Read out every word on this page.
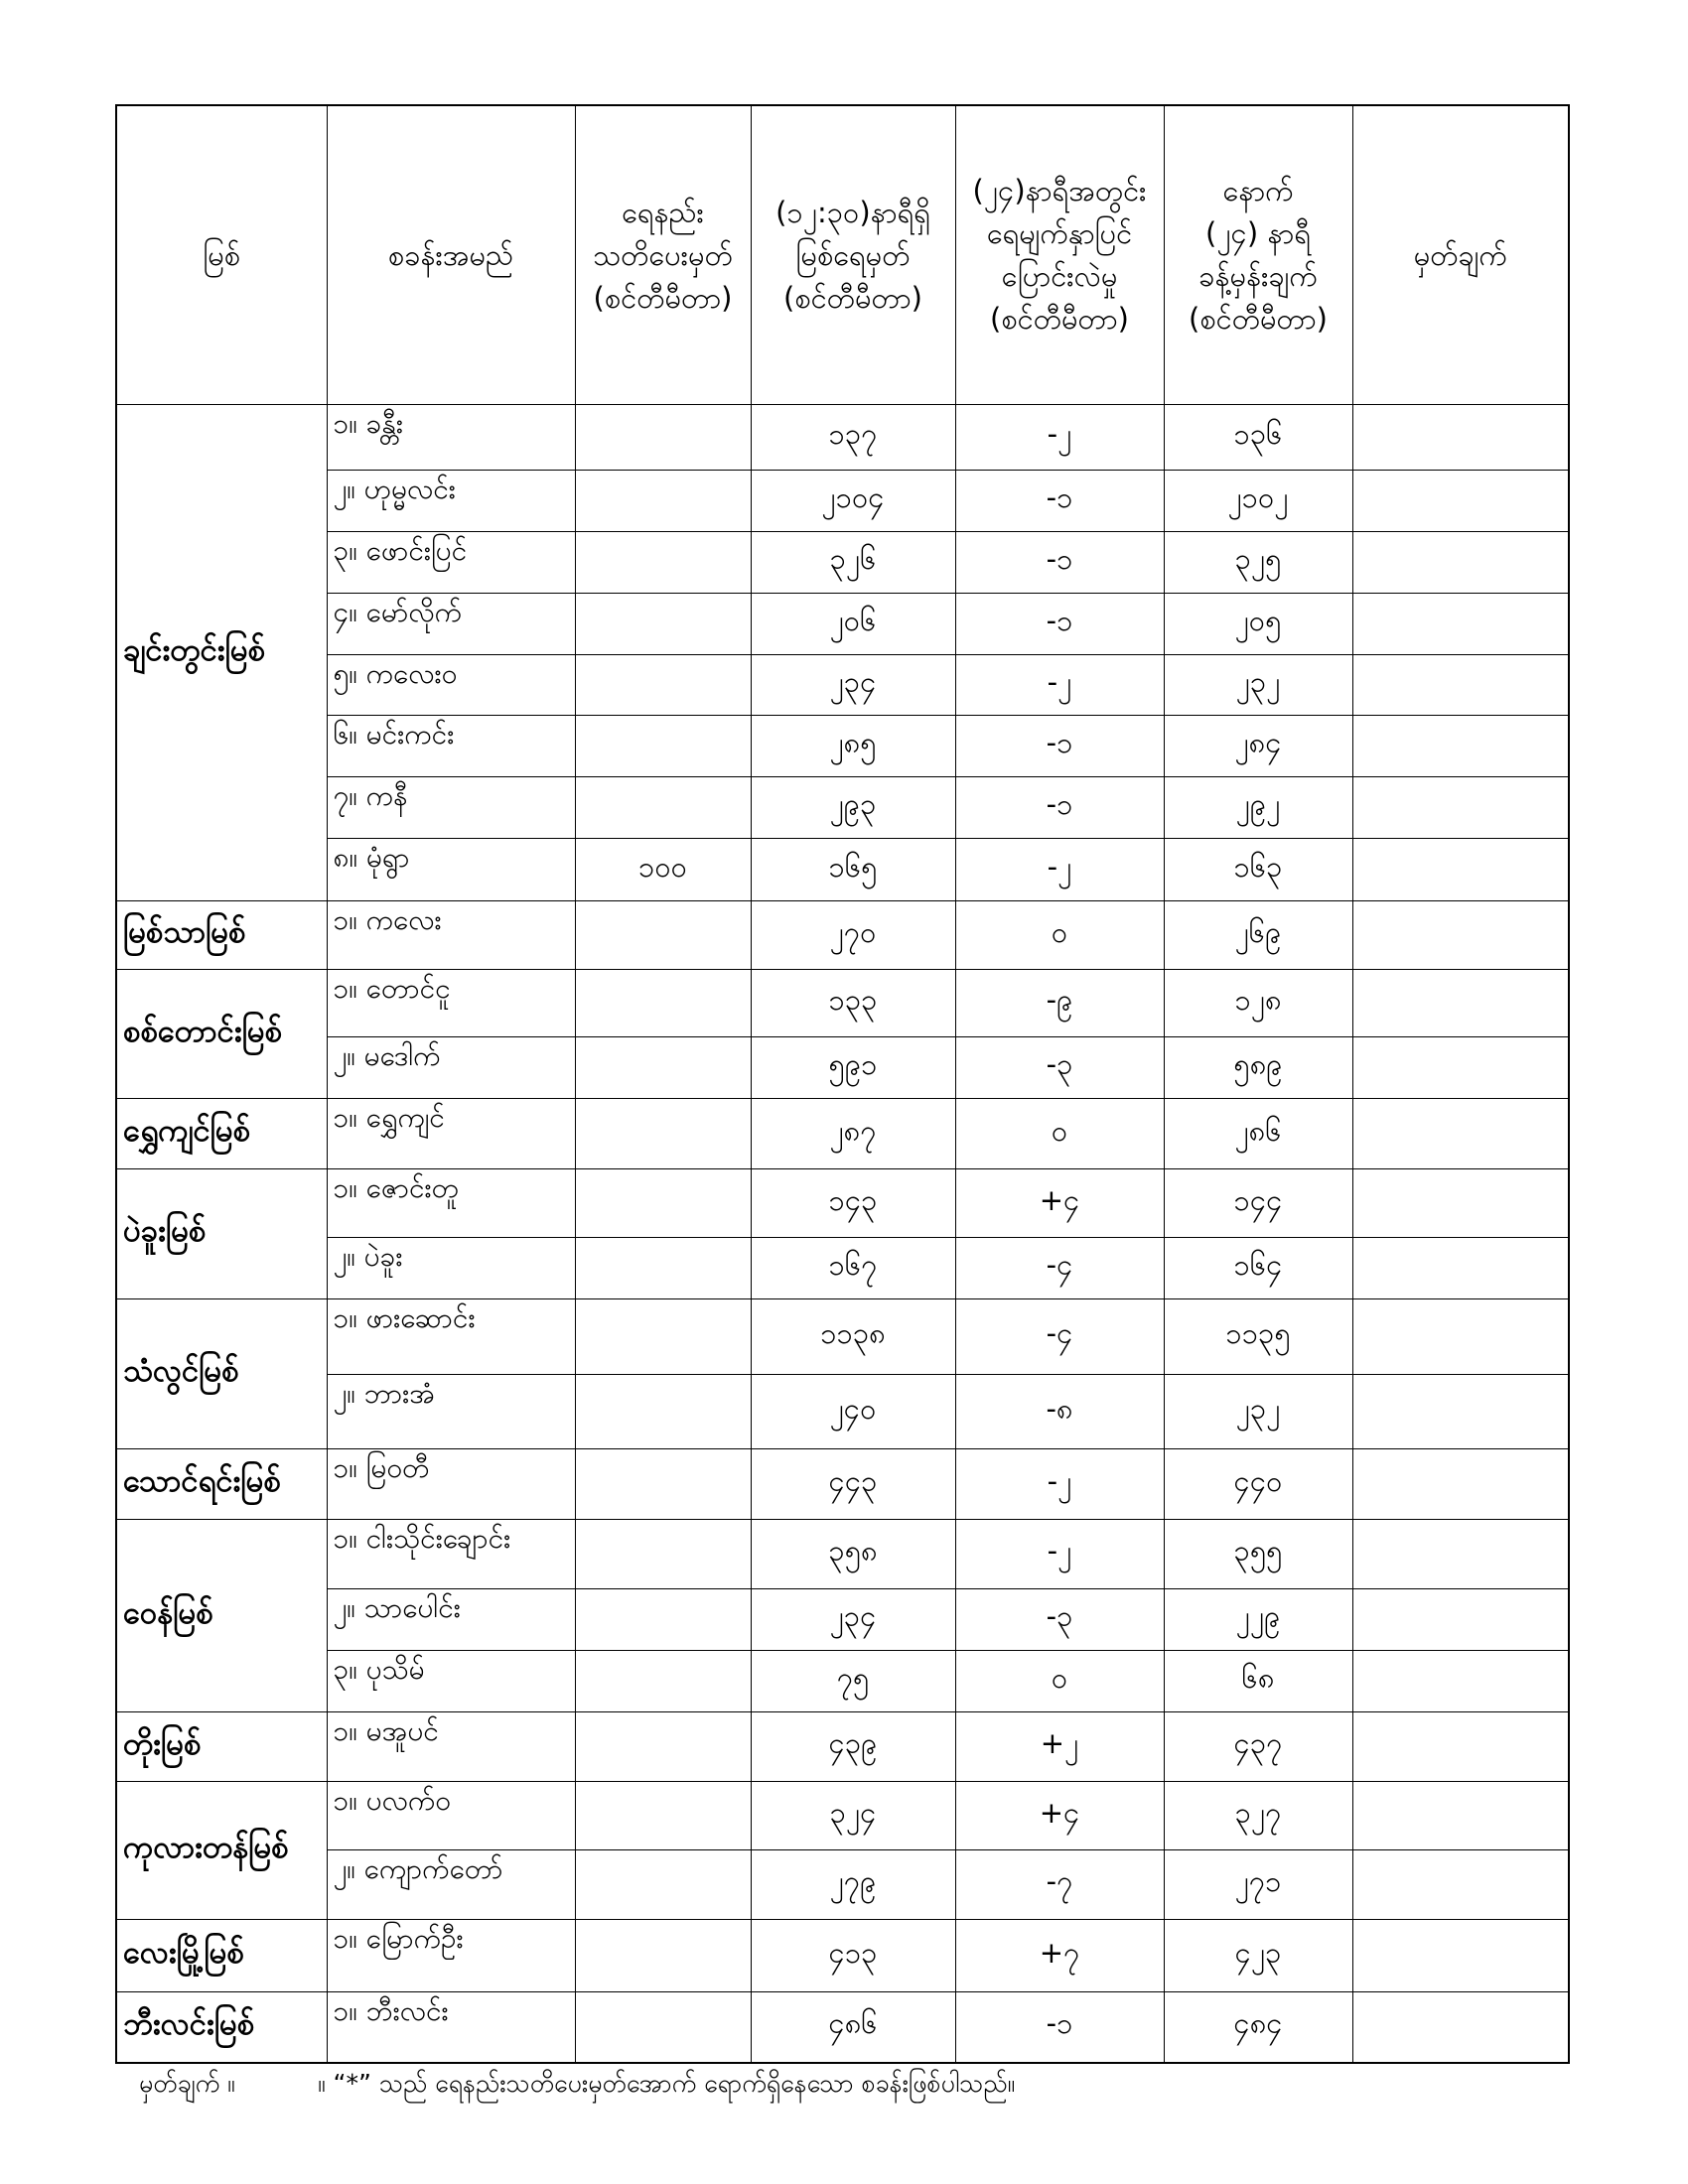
မြစ်	စခန်းအမည်	ရေနည်း
သတိပေးမှတ်
(စင်တီမီတာ)	(၁၂:၃၀)နာရီရှိ
မြစ်ရေမှတ်
(စင်တီမီတာ)	(၂၄)နာရီအတွင်း
ရေမျက်နှာပြင်
ပြောင်းလဲမှု
(စင်တီမီတာ)	နောက်
(၂၄) နာရီ
ခန့်မှန်းချက်
(စင်တီမီတာ)	မှတ်ချက်
ချင်းတွင်းမြစ်	၁။ ခန္တီး		၁၃၇	-၂	၁၃၆	
	၂။ ဟုမ္မလင်း		၂၁၀၄	-၁	၂၁၀၂	
	၃။ ဖောင်းပြင်		၃၂၆	-၁	၃၂၅	
	၄။ မော်လိုက်		၂၀၆	-၁	၂၀၅	
	၅။ ကလေးဝ		၂၃၄	-၂	၂၃၂	
	၆။ မင်းကင်း		၂၈၅	-၁	၂၈၄	
	၇။ ကနီ		၂၉၃	-၁	၂၉၂	
	၈။ မုံရွာ	၁၀၀	၁၆၅	-၂	၁၆၃	
မြစ်သာမြစ်	၁။ ကလေး		၂၇၀	၀	၂၆၉	
စစ်တောင်းမြစ်	၁။ တောင်ငူ		၁၃၃	-၉	၁၂၈	
	၂။ မဒေါက်		၅၉၁	-၃	၅၈၉	
ရွှေကျင်မြစ်	၁။ ရွှေကျင်		၂၈၇	၀	၂၈၆	
ပဲခူးမြစ်	၁။ ဇောင်းတူ		၁၄၃	+၄	၁၄၄	
	၂။ ပဲခူး		၁၆၇	-၄	၁၆၄	
သံလွင်မြစ်	၁။ ဖားဆောင်း		၁၁၃၈	-၄	၁၁၃၅	
	၂။ ဘားအံ		၂၄၀	-၈	၂၃၂	
သောင်ရင်းမြစ်	၁။ မြဝတီ		၄၄၃	-၂	၄၄၀	
ဝေန်မြစ်	၁။ ငါးသိုင်းချောင်း		၃၅၈	-၂	၃၅၅	
	၂။ သာပေါင်း		၂၃၄	-၃	၂၂၉	
	၃။ ပုသိမ်		၇၅	၀	၆၈	
တိုးမြစ်	၁။ မအူပင်		၄၃၉	+၂	၄၃၇	
ကုလားတန်မြစ်	၁။ ပလက်ဝ		၃၂၄	+၄	၃၂၇	
	၂။ ကျောက်တော်		၂၇၉	-၇	၂၇၁	
လေးမြို့မြစ်	၁။ မြောက်ဦး		၄၁၃	+၇	၄၂၃	
ဘီးလင်းမြစ်	၁။ ဘီးလင်း		၄၈၆	-၁	၄၈၄	
မှတ်ချက် ။	။ “*” သည် ရေနည်းသတိပေးမှတ်အောက် ရောက်ရှိနေသော စခန်းဖြစ်ပါသည်။
